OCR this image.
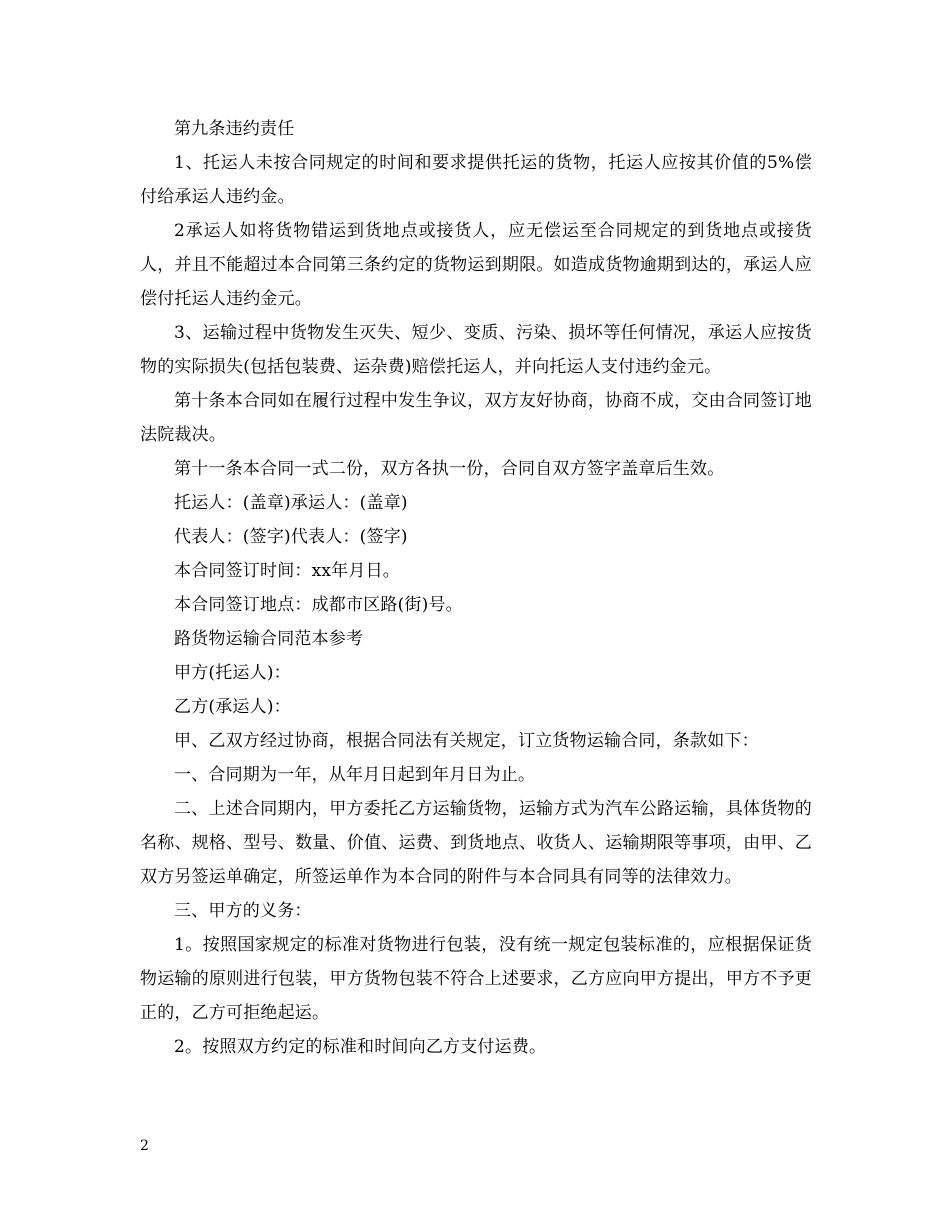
第九条违约责任

1、托运人未按合同规定的时间和要求提供托运的货物，托运人应按其价值的5%偿付给承运人违约金。

2承运人如将货物错运到货地点或接货人，应无偿运至合同规定的到货地点或接货人，并且不能超过本合同第三条约定的货物运到期限。如造成货物逾期到达的，承运人应偿付托运人违约金元。

3、运输过程中货物发生灭失、短少、变质、污染、损坏等任何情况，承运人应按货物的实际损失(包括包装费、运杂费)赔偿托运人，并向托运人支付违约金元。

第十条本合同如在履行过程中发生争议，双方友好协商，协商不成，交由合同签订地法院裁决。

第十一条本合同一式二份，双方各执一份，合同自双方签字盖章后生效。

托运人：(盖章)承运人：(盖章)

代表人：(签字)代表人：(签字)

本合同签订时间：xx年月日。

本合同签订地点：成都市区路(街)号。

路货物运输合同范本参考

甲方(托运人)：

乙方(承运人)：

甲、乙双方经过协商，根据合同法有关规定，订立货物运输合同，条款如下：

一、合同期为一年，从年月日起到年月日为止。

二、上述合同期内，甲方委托乙方运输货物，运输方式为汽车公路运输，具体货物的名称、规格、型号、数量、价值、运费、到货地点、收货人、运输期限等事项，由甲、乙双方另签运单确定，所签运单作为本合同的附件与本合同具有同等的法律效力。

三、甲方的义务：

1。按照国家规定的标准对货物进行包装，没有统一规定包装标准的，应根据保证货物运输的原则进行包装，甲方货物包装不符合上述要求，乙方应向甲方提出，甲方不予更正的，乙方可拒绝起运。

2。按照双方约定的标准和时间向乙方支付运费。

2
